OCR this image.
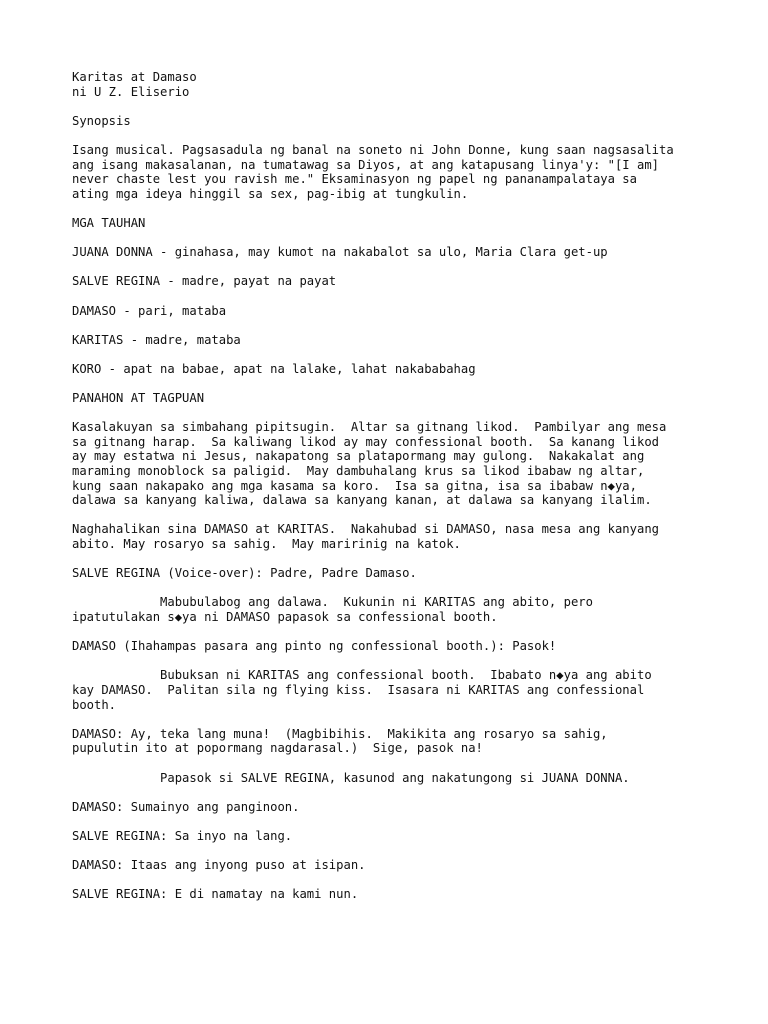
Karitas at Damaso
ni U Z. Eliserio

Synopsis

Isang musical. Pagsasadula ng banal na soneto ni John Donne, kung saan nagsasalita
ang isang makasalanan, na tumatawag sa Diyos, at ang katapusang linya'y: "[I am]
never chaste lest you ravish me." Eksaminasyon ng papel ng pananampalataya sa
ating mga ideya hinggil sa sex, pag-ibig at tungkulin.

MGA TAUHAN

JUANA DONNA - ginahasa, may kumot na nakabalot sa ulo, Maria Clara get-up

SALVE REGINA - madre, payat na payat

DAMASO - pari, mataba

KARITAS - madre, mataba

KORO - apat na babae, apat na lalake, lahat nakababahag

PANAHON AT TAGPUAN

Kasalakuyan sa simbahang pipitsugin.  Altar sa gitnang likod.  Pambilyar ang mesa
sa gitnang harap.  Sa kaliwang likod ay may confessional booth.  Sa kanang likod
ay may estatwa ni Jesus, nakapatong sa platapormang may gulong.  Nakakalat ang
maraming monoblock sa paligid.  May dambuhalang krus sa likod ibabaw ng altar,
kung saan nakapako ang mga kasama sa koro.  Isa sa gitna, isa sa ibabaw n◆ya,
dalawa sa kanyang kaliwa, dalawa sa kanyang kanan, at dalawa sa kanyang ilalim.

Naghahalikan sina DAMASO at KARITAS.  Nakahubad si DAMASO, nasa mesa ang kanyang
abito. May rosaryo sa sahig.  May maririnig na katok.

SALVE REGINA (Voice-over): Padre, Padre Damaso.

Mabubulabog ang dalawa.  Kukunin ni KARITAS ang abito, pero
ipatutulakan s◆ya ni DAMASO papasok sa confessional booth.

DAMASO (Ihahampas pasara ang pinto ng confessional booth.): Pasok!

Bubuksan ni KARITAS ang confessional booth.  Ibabato n◆ya ang abito
kay DAMASO.  Palitan sila ng flying kiss.  Isasara ni KARITAS ang confessional
booth.

DAMASO: Ay, teka lang muna!  (Magbibihis.  Makikita ang rosaryo sa sahig,
pupulutin ito at popormang nagdarasal.)  Sige, pasok na!

Papasok si SALVE REGINA, kasunod ang nakatungong si JUANA DONNA.

DAMASO: Sumainyo ang panginoon.

SALVE REGINA: Sa inyo na lang.

DAMASO: Itaas ang inyong puso at isipan.

SALVE REGINA: E di namatay na kami nun.
